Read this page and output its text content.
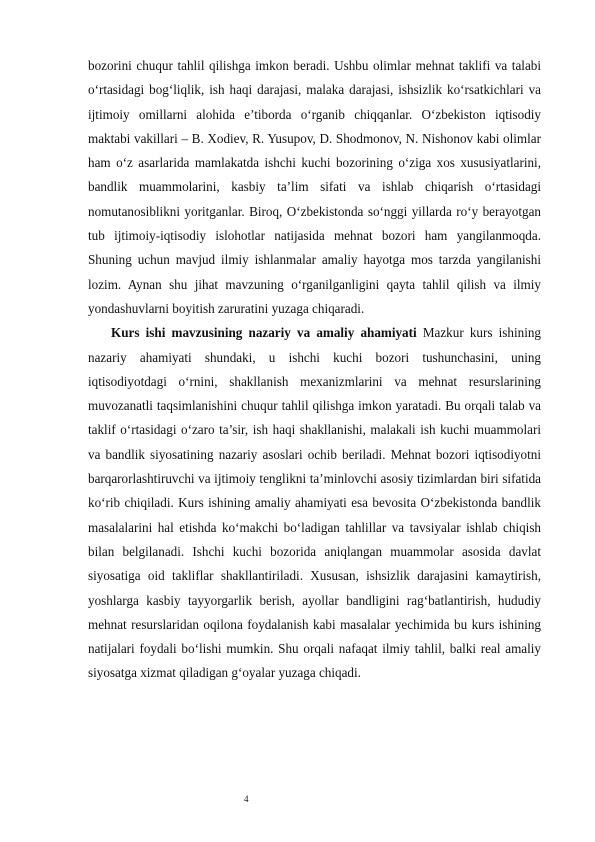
bozorini chuqur tahlil qilishga imkon beradi. Ushbu olimlar mehnat taklifi va talabi o‘rtasidagi bog‘liqlik, ish haqi darajasi, malaka darajasi, ishsizlik ko‘rsatkichlari va ijtimoiy omillarni alohida e’tiborda o‘rganib chiqqanlar. O‘zbekiston iqtisodiy maktabi vakillari – B. Xodiev, R. Yusupov, D. Shodmonov, N. Nishonov kabi olimlar ham o‘z asarlarida mamlakatda ishchi kuchi bozorining o‘ziga xos xususiyatlarini, bandlik muammolarini, kasbiy ta’lim sifati va ishlab chiqarish o‘rtasidagi nomutanosiblikni yoritganlar. Biroq, O‘zbekistonda so‘nggi yillarda ro‘y berayotgan tub ijtimoiy-iqtisodiy islohotlar natijasida mehnat bozori ham yangilanmoqda. Shuning uchun mavjud ilmiy ishlanmalar amaliy hayotga mos tarzda yangilanishi lozim. Aynan shu jihat mavzuning o‘rganilganligini qayta tahlil qilish va ilmiy yondashuvlarni boyitish zaruratini yuzaga chiqaradi.

Kurs ishi mavzusining nazariy va amaliy ahamiyati Mazkur kurs ishining nazariy ahamiyati shundaki, u ishchi kuchi bozori tushunchasini, uning iqtisodiyotdagi o‘rnini, shakllanish mexanizmlarini va mehnat resurslarining muvozanatli taqsimlanishini chuqur tahlil qilishga imkon yaratadi. Bu orqali talab va taklif o‘rtasidagi o‘zaro ta’sir, ish haqi shakllanishi, malakali ish kuchi muammolari va bandlik siyosatining nazariy asoslari ochib beriladi. Mehnat bozori iqtisodiyotni barqarorlashtiruvchi va ijtimoiy tenglikni ta’minlovchi asosiy tizimlardan biri sifatida ko‘rib chiqiladi. Kurs ishining amaliy ahamiyati esa bevosita O‘zbekistonda bandlik masalalarini hal etishda ko‘makchi bo‘ladigan tahlillar va tavsiyalar ishlab chiqish bilan belgilanadi. Ishchi kuchi bozorida aniqlangan muammolar asosida davlat siyosatiga oid takliflar shakllantiriladi. Xususan, ishsizlik darajasini kamaytirish, yoshlarga kasbiy tayyorgarlik berish, ayollar bandligini rag‘batlantirish, hududiy mehnat resurslaridan oqilona foydalanish kabi masalalar yechimida bu kurs ishining natijalari foydali bo‘lishi mumkin. Shu orqali nafaqat ilmiy tahlil, balki real amaliy siyosatga xizmat qiladigan g‘oyalar yuzaga chiqadi.

4
